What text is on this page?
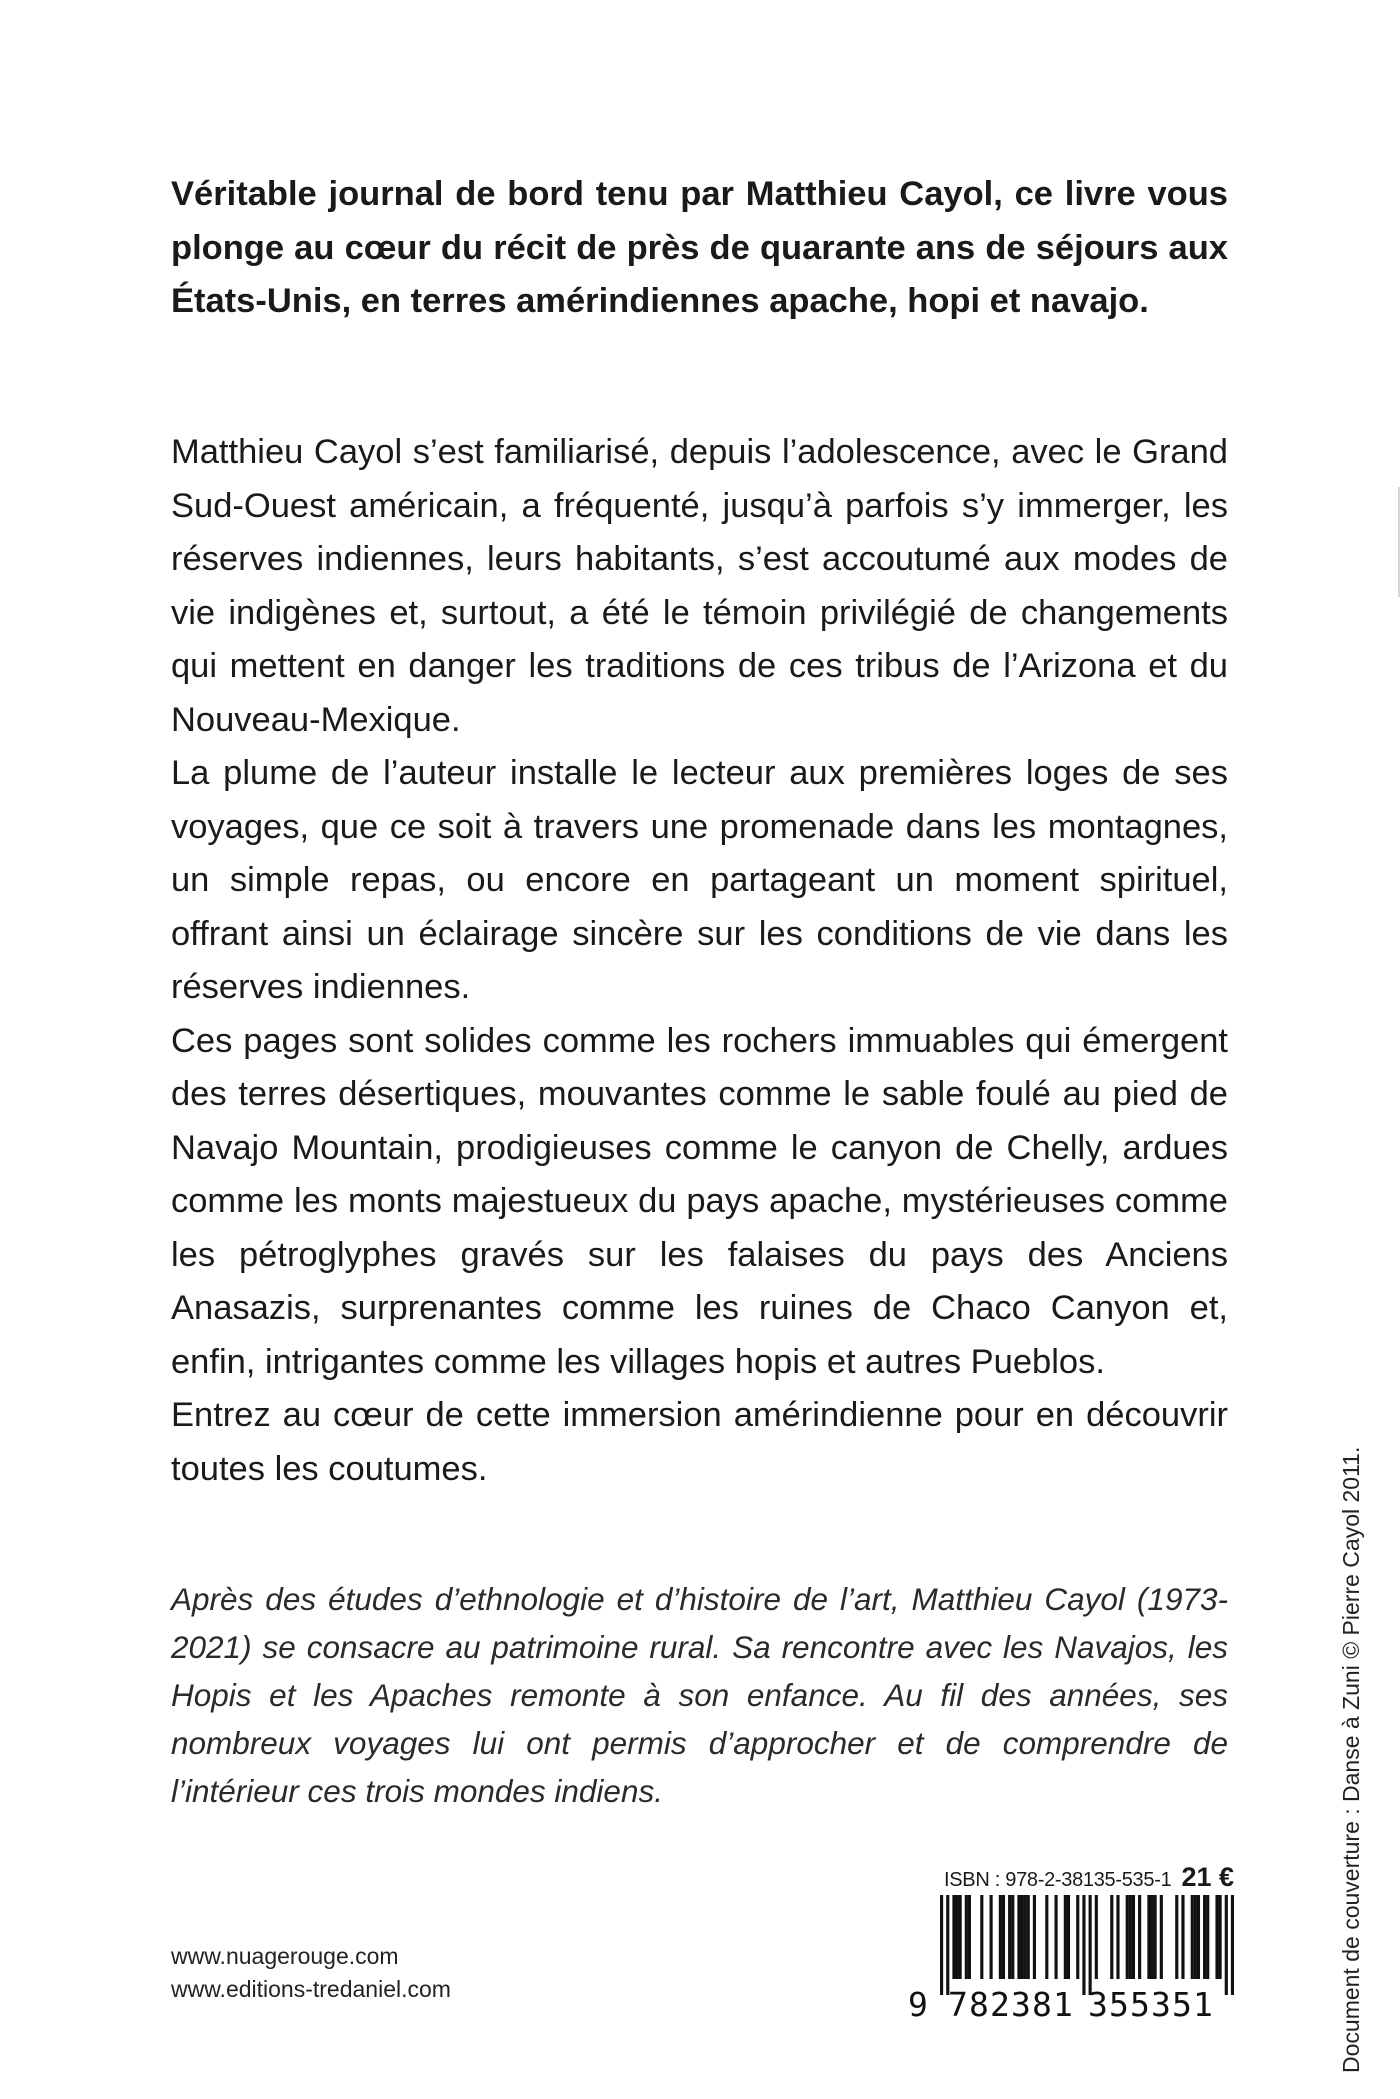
Véritable journal de bord tenu par Matthieu Cayol, ce livre vous plonge au cœur du récit de près de quarante ans de séjours aux États-Unis, en terres amérindiennes apache, hopi et navajo.

Matthieu Cayol s’est familiarisé, depuis l’adolescence, avec le Grand Sud-Ouest américain, a fréquenté, jusqu’à parfois s’y immerger, les réserves indiennes, leurs habitants, s’est accoutumé aux modes de vie indigènes et, surtout, a été le témoin privilégié de changements qui mettent en danger les traditions de ces tribus de l’Arizona et du Nouveau-Mexique.

La plume de l’auteur installe le lecteur aux premières loges de ses voyages, que ce soit à travers une promenade dans les montagnes, un simple repas, ou encore en partageant un moment spirituel, offrant ainsi un éclairage sincère sur les conditions de vie dans les réserves indiennes.

Ces pages sont solides comme les rochers immuables qui émergent des terres désertiques, mouvantes comme le sable foulé au pied de Navajo Mountain, prodigieuses comme le canyon de Chelly, ardues comme les monts majestueux du pays apache, mystérieuses comme les pétroglyphes gravés sur les falaises du pays des Anciens Anasazis, surprenantes comme les ruines de Chaco Canyon et, enfin, intrigantes comme les villages hopis et autres Pueblos.

Entrez au cœur de cette immersion amérindienne pour en découvrir toutes les coutumes.

Après des études d’ethnologie et d’histoire de l’art, Matthieu Cayol (1973-2021) se consacre au patrimoine rural. Sa rencontre avec les Navajos, les Hopis et les Apaches remonte à son enfance. Au fil des années, ses nombreux voyages lui ont permis d’approcher et de comprendre de l’intérieur ces trois mondes indiens.

www.nuagerouge.com
www.editions-tredaniel.com
ISBN : 978-2-38135-535-1 21 €
9 7 8 2 3 8 1 3 5 5 3 5 1	Document de couverture : Danse à Zuni © Pierre Cayol 2011.
